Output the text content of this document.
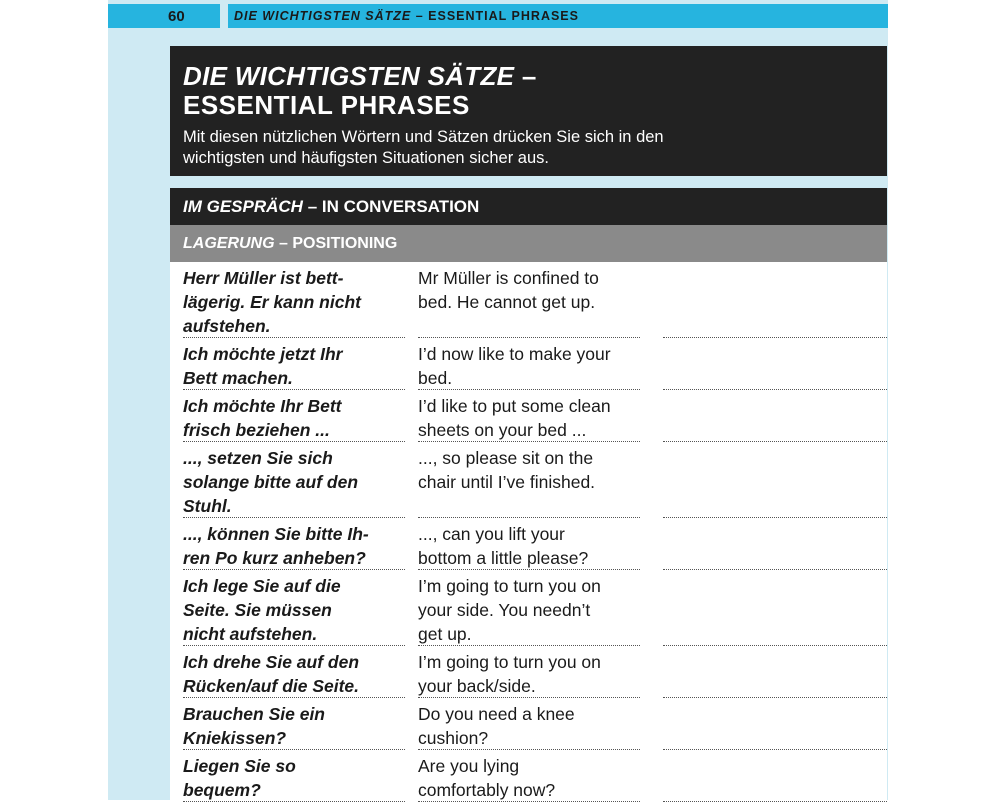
60	DIE WICHTIGSTEN SÄTZE – ESSENTIAL PHRASES
DIE WICHTIGSTEN SÄTZE –
ESSENTIAL PHRASES
Mit diesen nützlichen Wörtern und Sätzen drücken Sie sich in den
wichtigsten und häufigsten Situationen sicher aus.
IM GESPRÄCH – IN CONVERSATION
LAGERUNG – POSITIONING
Herr Müller ist bett-
lägerig. Er kann nicht
aufstehen.
Mr Müller is confined to
bed. He cannot get up.
Ich möchte jetzt Ihr
Bett machen.
I’d now like to make your
bed.
Ich möchte Ihr Bett
frisch beziehen ...
I’d like to put some clean
sheets on your bed ...
..., setzen Sie sich
solange bitte auf den
Stuhl.
..., so please sit on the
chair until I’ve finished.
..., können Sie bitte Ih-
ren Po kurz anheben?
..., can you lift your
bottom a little please?
Ich lege Sie auf die
Seite. Sie müssen
nicht aufstehen.
I’m going to turn you on
your side. You needn’t
get up.
Ich drehe Sie auf den
Rücken/auf die Seite.
I’m going to turn you on
your back/side.
Brauchen Sie ein
Kniekissen?
Do you need a knee
cushion?
Liegen Sie so
bequem?
Are you lying
comfortably now?
